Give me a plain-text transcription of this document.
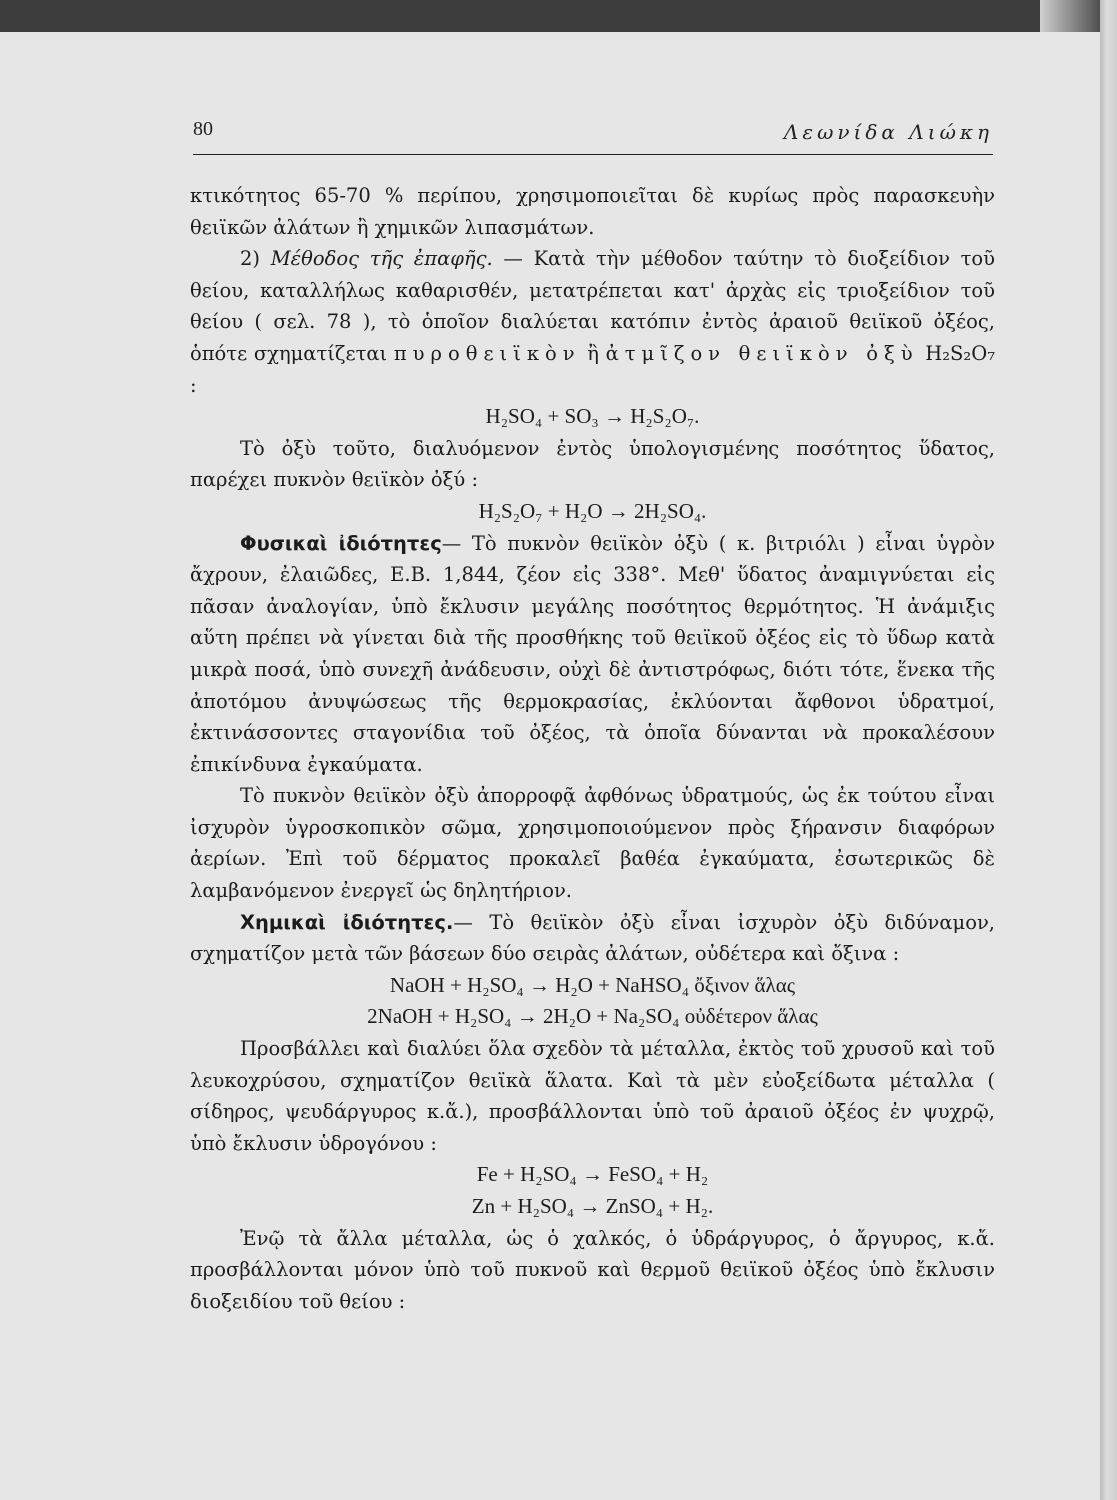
80	Λεωνίδα Λιώκη

κτικότητος 65-70 % περίπου, χρησιμοποιεῖται δὲ κυρίως πρὸς παρασκευὴν θειϊκῶν ἀλάτων ἢ χημικῶν λιπασμάτων.

2) Μέθοδος τῆς ἐπαφῆς. — Κατὰ τὴν μέθοδον ταύτην τὸ διοξείδιον τοῦ θείου, καταλλήλως καθαρισθέν, μετατρέπεται κατ' ἀρχὰς εἰς τριοξείδιον τοῦ θείου ( σελ. 78 ), τὸ ὁποῖον διαλύεται κατόπιν ἐντὸς ἀραιοῦ θειϊκοῦ ὀξέος, ὁπότε σχηματίζεται πυροθειϊκὸν ἢ ἀτμῖζον θειϊκὸν ὀξὺ H₂S₂O₇ :

H₂SO₄ + SO₃ → H₂S₂O₇.

Τὸ ὀξὺ τοῦτο, διαλυόμενον ἐντὸς ὑπολογισμένης ποσότητος ὕδατος, παρέχει πυκνὸν θειϊκὸν ὀξύ :

H₂S₂O₇ + H₂O → 2H₂SO₄.

Φυσικαὶ ἰδιότητες— Τὸ πυκνὸν θειϊκὸν ὀξὺ ( κ. βιτριόλι ) εἶναι ὑγρὸν ἄχρουν, ἐλαιῶδες, Ε.Β. 1,844, ζέον εἰς 338°. Μεθ' ὕδατος ἀναμιγνύεται εἰς πᾶσαν ἀναλογίαν, ὑπὸ ἔκλυσιν μεγάλης ποσότητος θερμότητος. Ἡ ἀνάμιξις αὕτη πρέπει νὰ γίνεται διὰ τῆς προσθήκης τοῦ θειϊκοῦ ὀξέος εἰς τὸ ὕδωρ κατὰ μικρὰ ποσά, ὑπὸ συνεχῆ ἀνάδευσιν, οὐχὶ δὲ ἀντιστρόφως, διότι τότε, ἕνεκα τῆς ἀποτόμου ἀνυψώσεως τῆς θερμοκρασίας, ἐκλύονται ἄφθονοι ὑδρατμοί, ἐκτινάσσοντες σταγονίδια τοῦ ὀξέος, τὰ ὁποῖα δύνανται νὰ προκαλέσουν ἐπικίνδυνα ἐγκαύματα.

Τὸ πυκνὸν θειϊκὸν ὀξὺ ἀπορροφᾷ ἀφθόνως ὑδρατμούς, ὡς ἐκ τούτου εἶναι ἰσχυρὸν ὑγροσκοπικὸν σῶμα, χρησιμοποιούμενον πρὸς ξήρανσιν διαφόρων ἀερίων. Ἐπὶ τοῦ δέρματος προκαλεῖ βαθέα ἐγκαύματα, ἐσωτερικῶς δὲ λαμβανόμενον ἐνεργεῖ ὡς δηλητήριον.

Χημικαὶ ἰδιότητες.— Τὸ θειϊκὸν ὀξὺ εἶναι ἰσχυρὸν ὀξὺ διδύναμον, σχηματίζον μετὰ τῶν βάσεων δύο σειρὰς ἀλάτων, οὐδέτερα καὶ ὄξινα :

NaOH + H₂SO₄ → H₂O + NaHSO₄ ὄξινον ἅλας

2NaOH + H₂SO₄ → 2H₂O + Na₂SO₄ οὐδέτερον ἅλας

Προσβάλλει καὶ διαλύει ὅλα σχεδὸν τὰ μέταλλα, ἐκτὸς τοῦ χρυσοῦ καὶ τοῦ λευκοχρύσου, σχηματίζον θειϊκὰ ἅλατα. Καὶ τὰ μὲν εὐοξείδωτα μέταλλα ( σίδηρος, ψευδάργυρος κ.ἄ.), προσβάλλονται ὑπὸ τοῦ ἀραιοῦ ὀξέος ἐν ψυχρῷ, ὑπὸ ἔκλυσιν ὑδρογόνου :

Fe + H₂SO₄ → FeSO₄ + H₂

Zn + H₂SO₄ → ZnSO₄ + H₂.

Ἐνῷ τὰ ἄλλα μέταλλα, ὡς ὁ χαλκός, ὁ ὑδράργυρος, ὁ ἄργυρος, κ.ἄ. προσβάλλονται μόνον ὑπὸ τοῦ πυκνοῦ καὶ θερμοῦ θειϊκοῦ ὀξέος ὑπὸ ἔκλυσιν διοξειδίου τοῦ θείου :
